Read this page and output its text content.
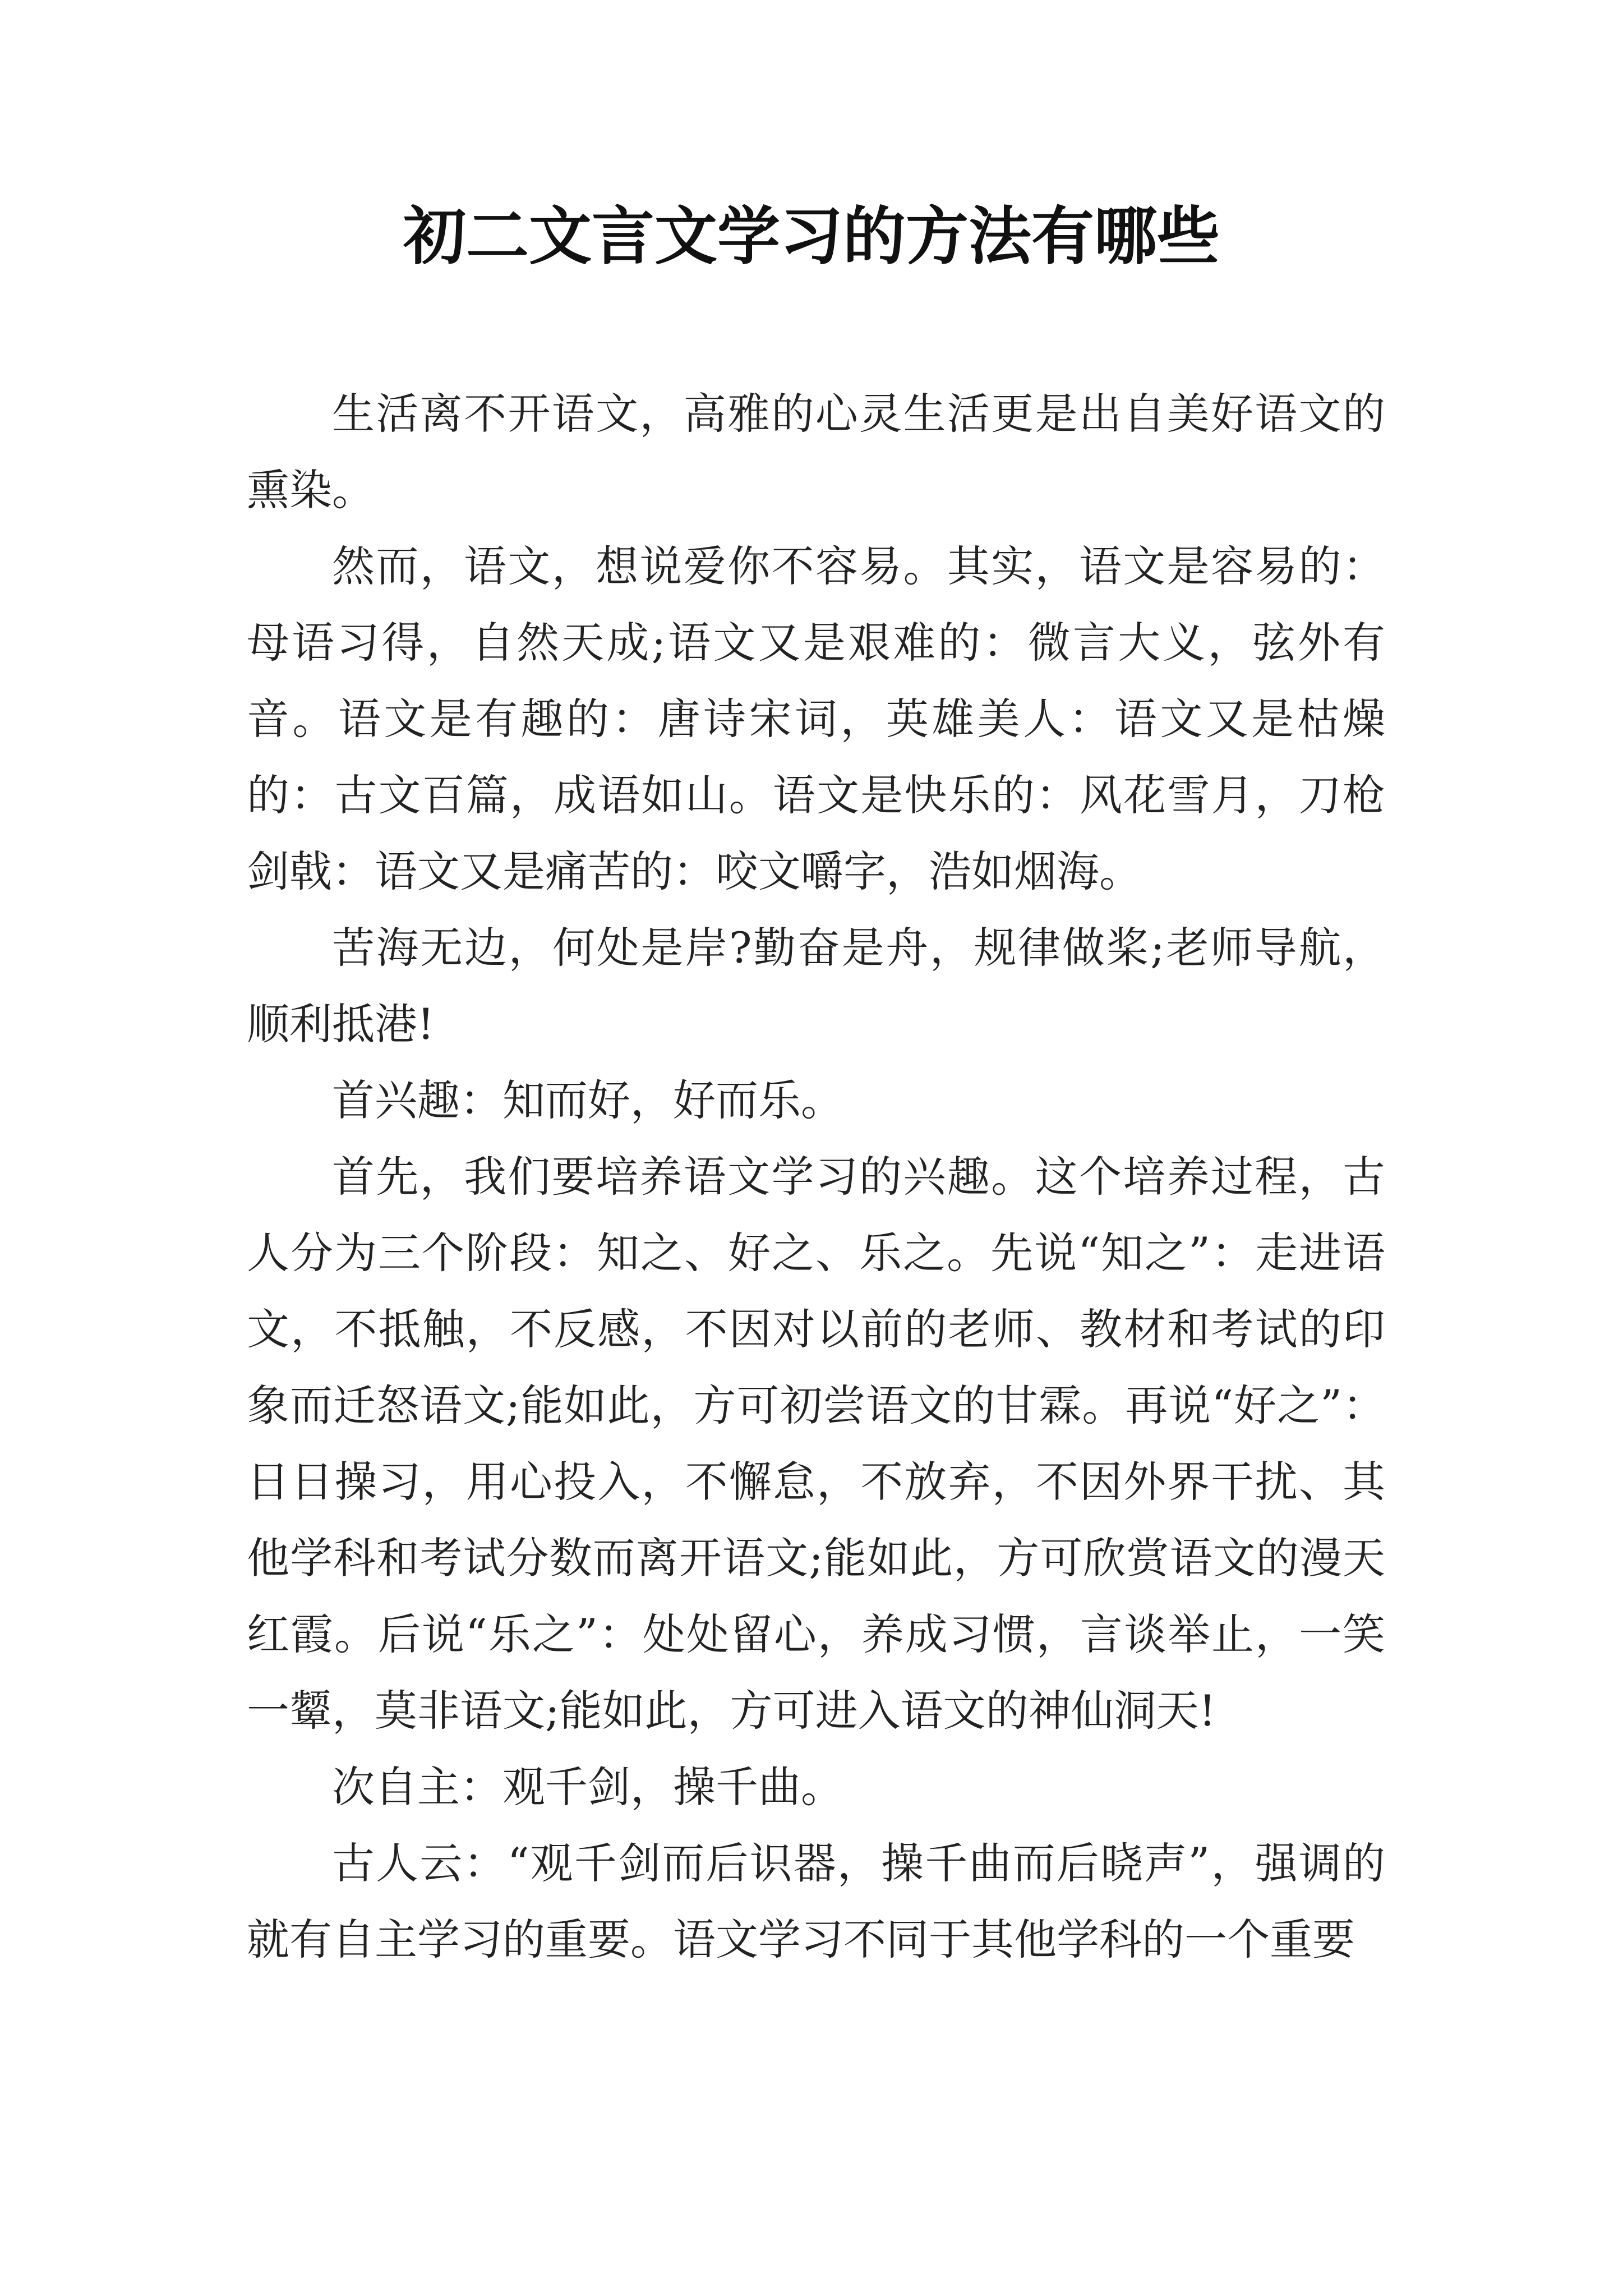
初二文言文学习的方法有哪些

生活离不开语文，高雅的心灵生活更是出自美好语文的熏染。

然而，语文，想说爱你不容易。其实，语文是容易的：母语习得，自然天成;语文又是艰难的：微言大义，弦外有音。语文是有趣的：唐诗宋词，英雄美人：语文又是枯燥的：古文百篇，成语如山。语文是快乐的：风花雪月，刀枪剑戟：语文又是痛苦的：咬文嚼字，浩如烟海。

苦海无边，何处是岸?勤奋是舟，规律做桨;老师导航，顺利抵港!

首兴趣：知而好，好而乐。

首先，我们要培养语文学习的兴趣。这个培养过程，古人分为三个阶段：知之、好之、乐之。先说“知之”：走进语文，不抵触，不反感，不因对以前的老师、教材和考试的印象而迁怒语文;能如此，方可初尝语文的甘霖。再说“好之”：日日操习，用心投入，不懈怠，不放弃，不因外界干扰、其他学科和考试分数而离开语文;能如此，方可欣赏语文的漫天红霞。后说“乐之”：处处留心，养成习惯，言谈举止，一笑一颦，莫非语文;能如此，方可进入语文的神仙洞天!

次自主：观千剑，操千曲。

古人云：“观千剑而后识器，操千曲而后晓声”，强调的就有自主学习的重要。语文学习不同于其他学科的一个重要
